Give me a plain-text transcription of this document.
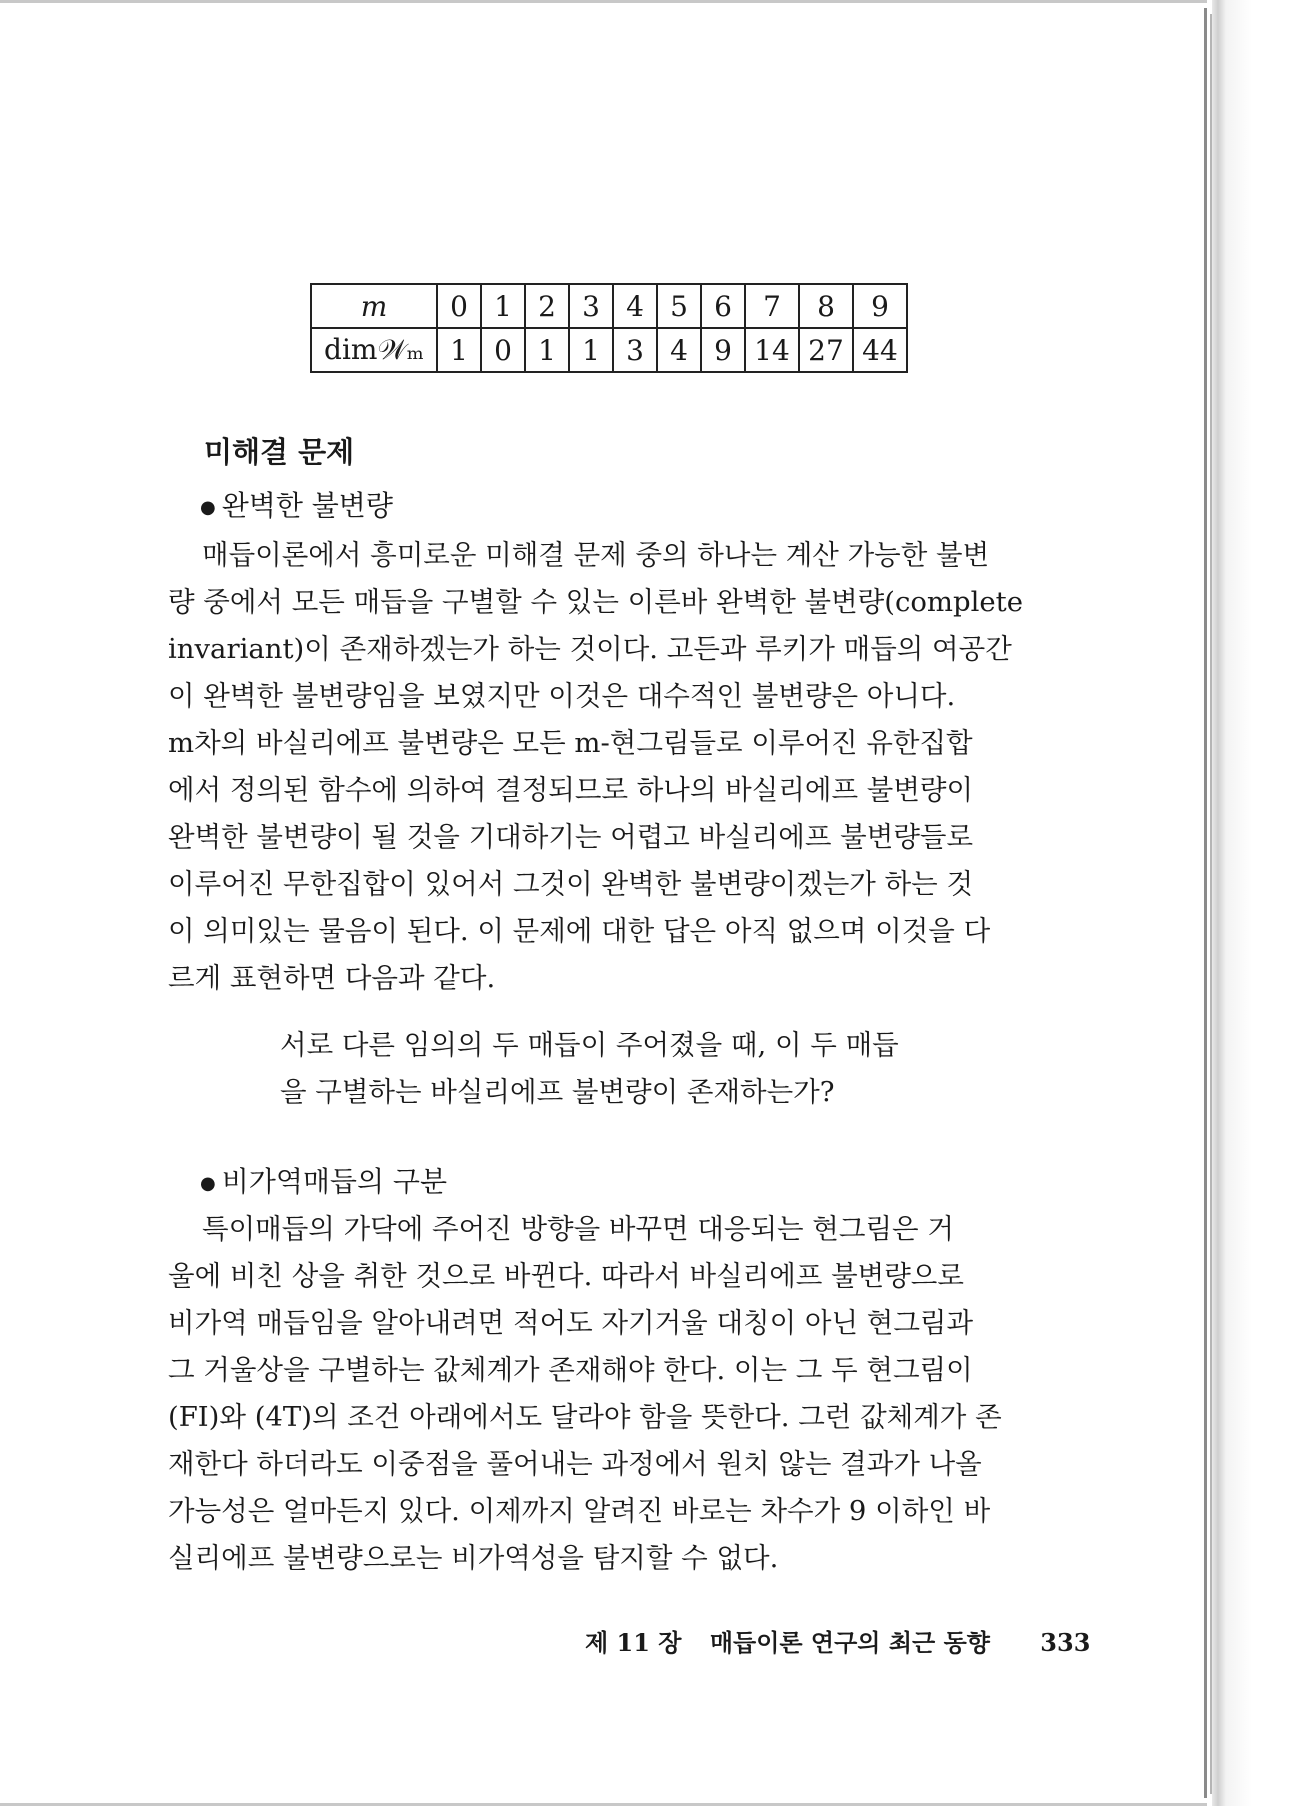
m	0	1	2	3	4	5	6	7	8	9
dim𝒲ₘ	1	0	1	1	3	4	9	14	27	44
미해결 문제
● 완벽한 불변량
매듭이론에서 흥미로운 미해결 문제 중의 하나는 계산 가능한 불변
량 중에서 모든 매듭을 구별할 수 있는 이른바 완벽한 불변량(complete
invariant)이 존재하겠는가 하는 것이다. 고든과 루키가 매듭의 여공간
이 완벽한 불변량임을 보였지만 이것은 대수적인 불변량은 아니다.
m차의 바실리에프 불변량은 모든 m-현그림들로 이루어진 유한집합
에서 정의된 함수에 의하여 결정되므로 하나의 바실리에프 불변량이
완벽한 불변량이 될 것을 기대하기는 어렵고 바실리에프 불변량들로
이루어진 무한집합이 있어서 그것이 완벽한 불변량이겠는가 하는 것
이 의미있는 물음이 된다. 이 문제에 대한 답은 아직 없으며 이것을 다
르게 표현하면 다음과 같다.
서로 다른 임의의 두 매듭이 주어졌을 때, 이 두 매듭
을 구별하는 바실리에프 불변량이 존재하는가?
● 비가역매듭의 구분
특이매듭의 가닥에 주어진 방향을 바꾸면 대응되는 현그림은 거
울에 비친 상을 취한 것으로 바뀐다. 따라서 바실리에프 불변량으로
비가역 매듭임을 알아내려면 적어도 자기거울 대칭이 아닌 현그림과
그 거울상을 구별하는 값체계가 존재해야 한다. 이는 그 두 현그림이
(FI)와 (4T)의 조건 아래에서도 달라야 함을 뜻한다. 그런 값체계가 존
재한다 하더라도 이중점을 풀어내는 과정에서 원치 않는 결과가 나올
가능성은 얼마든지 있다. 이제까지 알려진 바로는 차수가 9 이하인 바
실리에프 불변량으로는 비가역성을 탐지할 수 없다.
제 11 장 매듭이론 연구의 최근 동향 333
